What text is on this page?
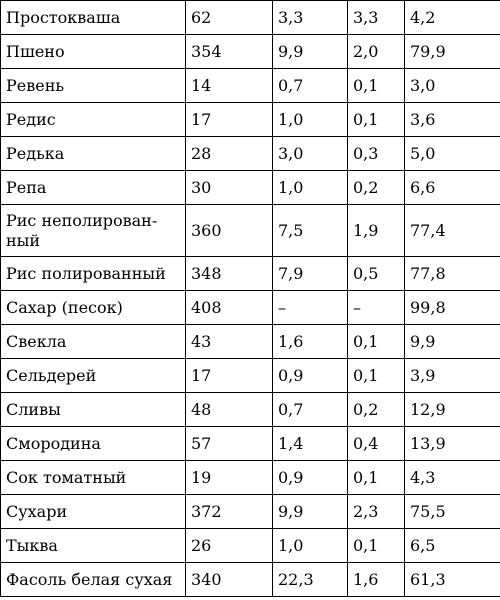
Простокваша	62	3,3	3,3	4,2
Пшено	354	9,9	2,0	79,9
Ревень	14	0,7	0,1	3,0
Редис	17	1,0	0,1	3,6
Редька	28	3,0	0,3	5,0
Репа	30	1,0	0,2	6,6
Рис неполирован-ный	360	7,5	1,9	77,4
Рис полированный	348	7,9	0,5	77,8
Сахар (песок)	408	–	–	99,8
Свекла	43	1,6	0,1	9,9
Сельдерей	17	0,9	0,1	3,9
Сливы	48	0,7	0,2	12,9
Смородина	57	1,4	0,4	13,9
Сок томатный	19	0,9	0,1	4,3
Сухари	372	9,9	2,3	75,5
Тыква	26	1,0	0,1	6,5
Фасоль белая сухая	340	22,3	1,6	61,3
